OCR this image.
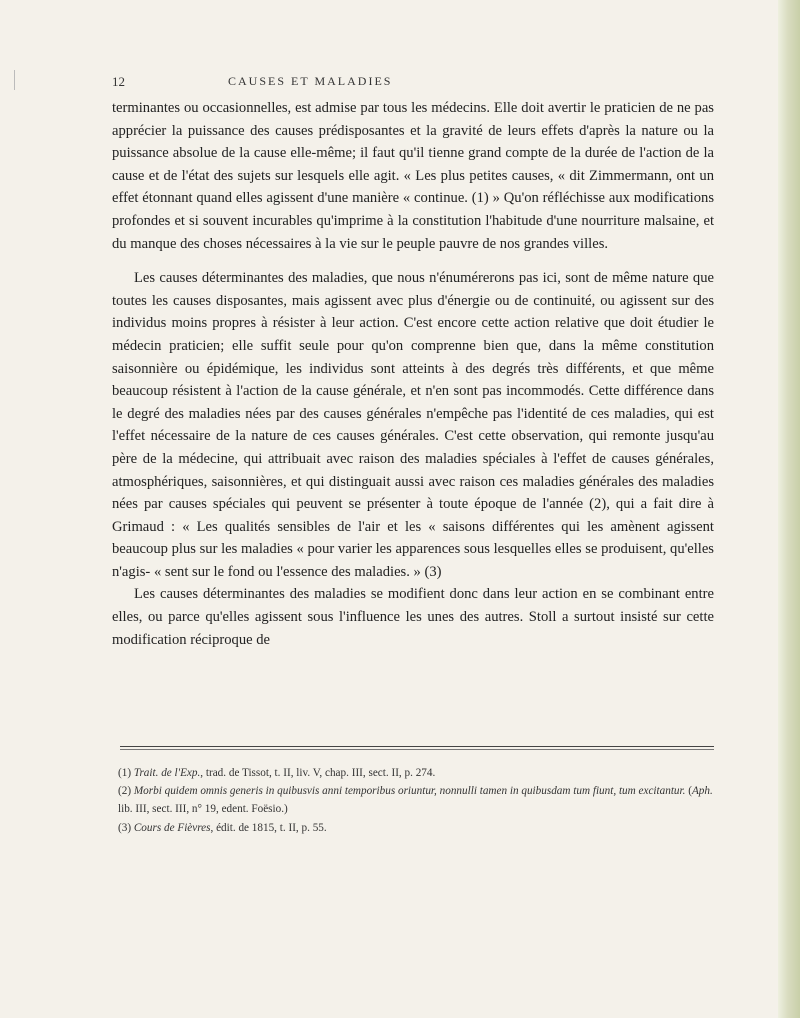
12	CAUSES ET MALADIES

terminantes ou occasionnelles, est admise par tous les médecins. Elle doit avertir le praticien de ne pas apprécier la puissance des causes prédisposantes et la gravité de leurs effets d'après la nature ou la puissance absolue de la cause elle-même; il faut qu'il tienne grand compte de la durée de l'action de la cause et de l'état des sujets sur lesquels elle agit. « Les plus petites causes, « dit Zimmermann, ont un effet étonnant quand elles agissent d'une manière « continue. (1) » Qu'on réfléchisse aux modifications profondes et si souvent incurables qu'imprime à la constitution l'habitude d'une nourriture malsaine, et du manque des choses nécessaires à la vie sur le peuple pauvre de nos grandes villes.

Les causes déterminantes des maladies, que nous n'énumérerons pas ici, sont de même nature que toutes les causes disposantes, mais agissent avec plus d'énergie ou de continuité, ou agissent sur des individus moins propres à résister à leur action. C'est encore cette action relative que doit étudier le médecin praticien; elle suffit seule pour qu'on comprenne bien que, dans la même constitution saisonnière ou épidémique, les individus sont atteints à des degrés très différents, et que même beaucoup résistent à l'action de la cause générale, et n'en sont pas incommodés. Cette différence dans le degré des maladies nées par des causes générales n'empêche pas l'identité de ces maladies, qui est l'effet nécessaire de la nature de ces causes générales. C'est cette observation, qui remonte jusqu'au père de la médecine, qui attribuait avec raison des maladies spéciales à l'effet de causes générales, atmosphériques, saisonnières, et qui distinguait aussi avec raison ces maladies générales des maladies nées par causes spéciales qui peuvent se présenter à toute époque de l'année (2), qui a fait dire à Grimaud : « Les qualités sensibles de l'air et les « saisons différentes qui les amènent agissent beaucoup plus sur les maladies « pour varier les apparences sous lesquelles elles se produisent, qu'elles n'agis- « sent sur le fond ou l'essence des maladies. » (3)

Les causes déterminantes des maladies se modifient donc dans leur action en se combinant entre elles, ou parce qu'elles agissent sous l'influence les unes des autres. Stoll a surtout insisté sur cette modification réciproque de

(1) Trait. de l'Exp., trad. de Tissot, t. II, liv. V, chap. III, sect. II, p. 274.

(2) Morbi quidem omnis generis in quibusvis anni temporibus oriuntur, nonnulli tamen in quibusdam tum fiunt, tum excitantur. (Aph. lib. III, sect. III, n° 19, edent. Foësio.)

(3) Cours de Fièvres, édit. de 1815, t. II, p. 55.
